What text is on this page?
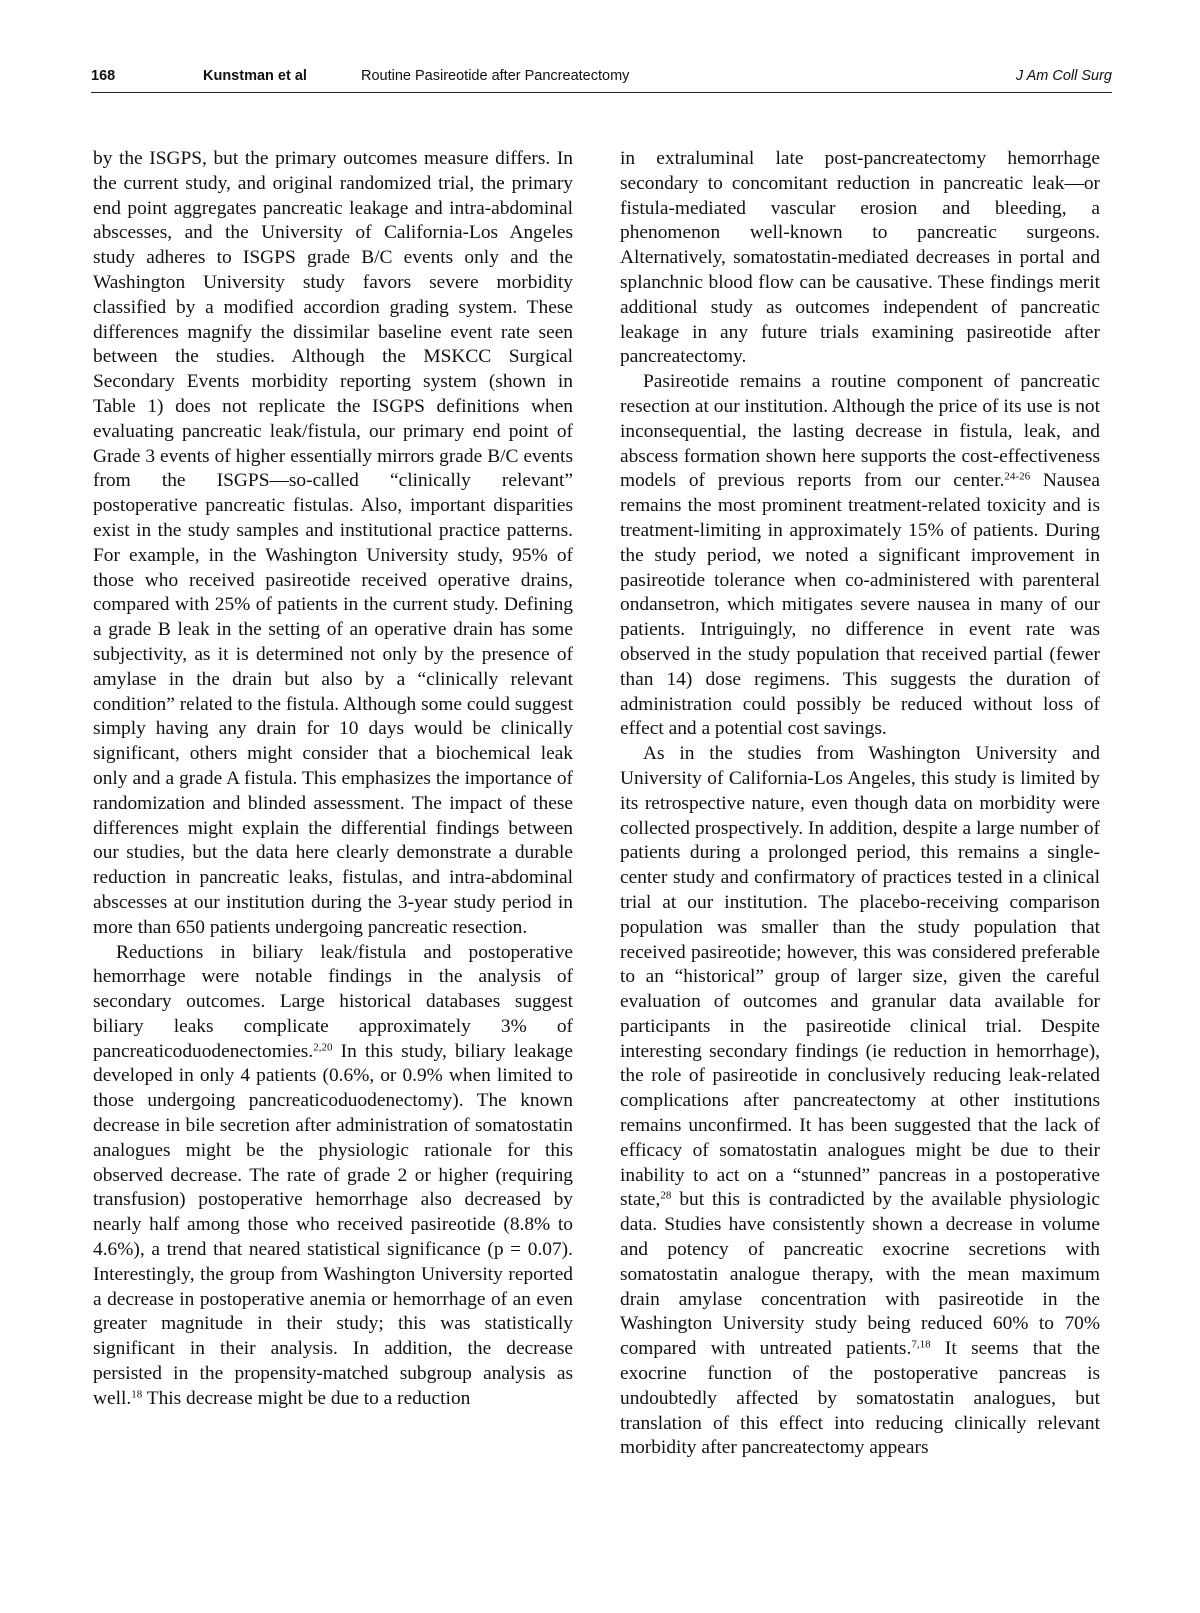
168	Kunstman et al	Routine Pasireotide after Pancreatectomy	J Am Coll Surg

by the ISGPS, but the primary outcomes measure differs. In the current study, and original randomized trial, the primary end point aggregates pancreatic leakage and intra-abdominal abscesses, and the University of California-Los Angeles study adheres to ISGPS grade B/C events only and the Washington University study favors severe morbidity classified by a modified accordion grading system. These differences magnify the dissimilar baseline event rate seen between the studies. Although the MSKCC Surgical Secondary Events morbidity reporting system (shown in Table 1) does not replicate the ISGPS definitions when evaluating pancreatic leak/fistula, our primary end point of Grade 3 events of higher essentially mirrors grade B/C events from the ISGPS—so-called “clinically relevant” postoperative pancreatic fistulas. Also, important disparities exist in the study samples and institutional practice patterns. For example, in the Washington University study, 95% of those who received pasireotide received operative drains, compared with 25% of patients in the current study. Defining a grade B leak in the setting of an operative drain has some subjectivity, as it is determined not only by the presence of amylase in the drain but also by a “clinically relevant condition” related to the fistula. Although some could suggest simply having any drain for 10 days would be clinically significant, others might consider that a biochemical leak only and a grade A fistula. This emphasizes the importance of randomization and blinded assessment. The impact of these differences might explain the differential findings between our studies, but the data here clearly demonstrate a durable reduction in pancreatic leaks, fistulas, and intra-abdominal abscesses at our institution during the 3-year study period in more than 650 patients undergoing pancreatic resection.

Reductions in biliary leak/fistula and postoperative hemorrhage were notable findings in the analysis of secondary outcomes. Large historical databases suggest biliary leaks complicate approximately 3% of pancreaticoduodenectomies.$^{2,20}$ In this study, biliary leakage developed in only 4 patients (0.6%, or 0.9% when limited to those undergoing pancreaticoduodenectomy). The known decrease in bile secretion after administration of somatostatin analogues might be the physiologic rationale for this observed decrease. The rate of grade 2 or higher (requiring transfusion) postoperative hemorrhage also decreased by nearly half among those who received pasireotide (8.8% to 4.6%), a trend that neared statistical significance (p = 0.07). Interestingly, the group from Washington University reported a decrease in postoperative anemia or hemorrhage of an even greater magnitude in their study; this was statistically significant in their analysis. In addition, the decrease persisted in the propensity-matched subgroup analysis as well.$^{18}$ This decrease might be due to a reduction

in extraluminal late post-pancreatectomy hemorrhage secondary to concomitant reduction in pancreatic leak—or fistula-mediated vascular erosion and bleeding, a phenomenon well-known to pancreatic surgeons. Alternatively, somatostatin-mediated decreases in portal and splanchnic blood flow can be causative. These findings merit additional study as outcomes independent of pancreatic leakage in any future trials examining pasireotide after pancreatectomy.

Pasireotide remains a routine component of pancreatic resection at our institution. Although the price of its use is not inconsequential, the lasting decrease in fistula, leak, and abscess formation shown here supports the cost-effectiveness models of previous reports from our center.$^{24-26}$ Nausea remains the most prominent treatment-related toxicity and is treatment-limiting in approximately 15% of patients. During the study period, we noted a significant improvement in pasireotide tolerance when co-administered with parenteral ondansetron, which mitigates severe nausea in many of our patients. Intriguingly, no difference in event rate was observed in the study population that received partial (fewer than 14) dose regimens. This suggests the duration of administration could possibly be reduced without loss of effect and a potential cost savings.

As in the studies from Washington University and University of California-Los Angeles, this study is limited by its retrospective nature, even though data on morbidity were collected prospectively. In addition, despite a large number of patients during a prolonged period, this remains a single-center study and confirmatory of practices tested in a clinical trial at our institution. The placebo-receiving comparison population was smaller than the study population that received pasireotide; however, this was considered preferable to an “historical” group of larger size, given the careful evaluation of outcomes and granular data available for participants in the pasireotide clinical trial. Despite interesting secondary findings (ie reduction in hemorrhage), the role of pasireotide in conclusively reducing leak-related complications after pancreatectomy at other institutions remains unconfirmed. It has been suggested that the lack of efficacy of somatostatin analogues might be due to their inability to act on a “stunned” pancreas in a postoperative state,$^{28}$ but this is contradicted by the available physiologic data. Studies have consistently shown a decrease in volume and potency of pancreatic exocrine secretions with somatostatin analogue therapy, with the mean maximum drain amylase concentration with pasireotide in the Washington University study being reduced 60% to 70% compared with untreated patients.$^{7,18}$ It seems that the exocrine function of the postoperative pancreas is undoubtedly affected by somatostatin analogues, but translation of this effect into reducing clinically relevant morbidity after pancreatectomy appears
